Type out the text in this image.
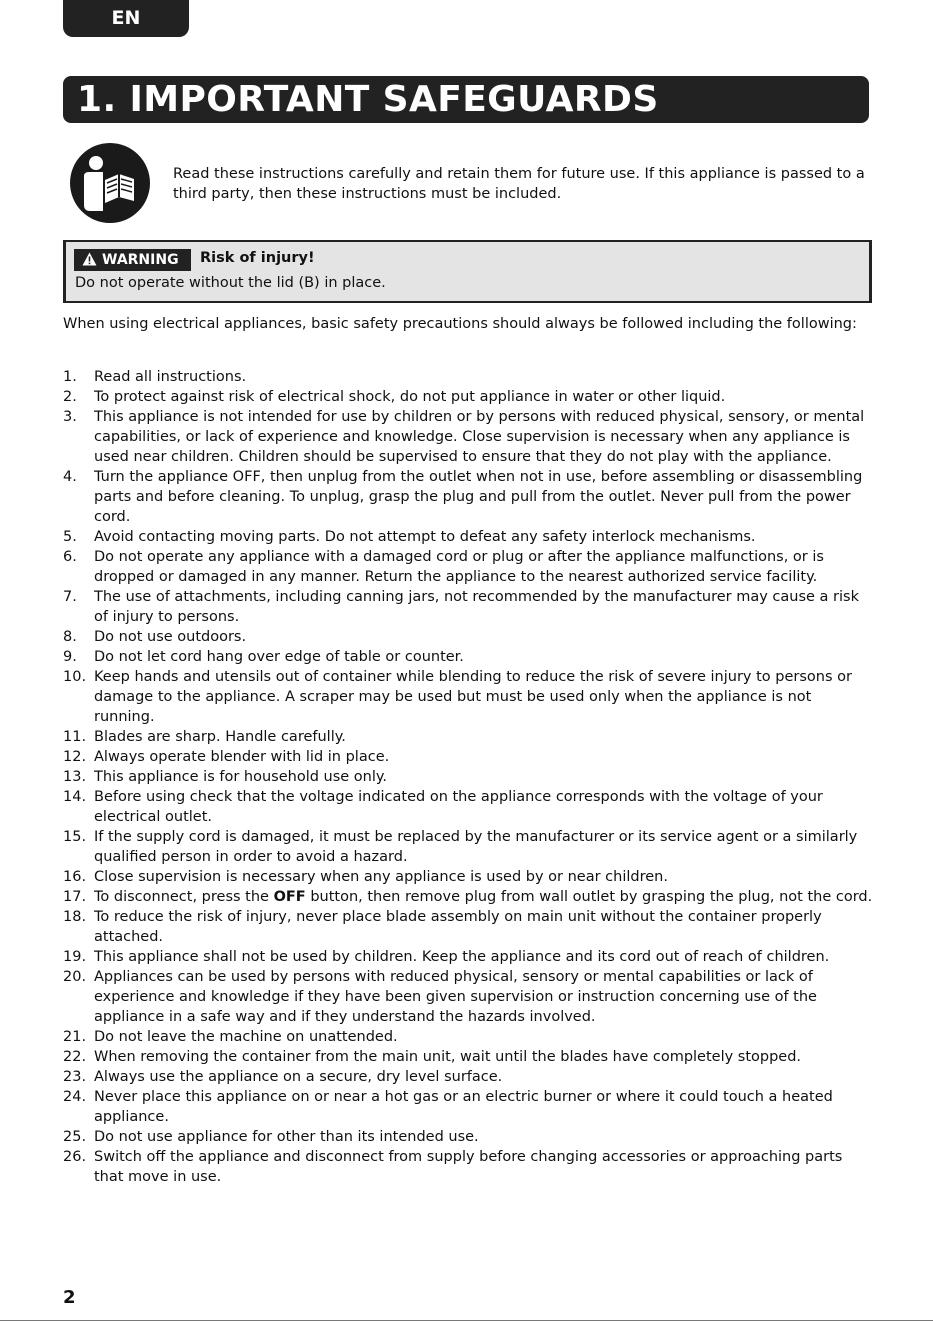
EN
1. IMPORTANT SAFEGUARDS
Read these instructions carefully and retain them for future use. If this appliance is passed to a third party, then these instructions must be included.
WARNING	Risk of injury!
Do not operate without the lid (B) in place.
When using electrical appliances, basic safety precautions should always be followed including the following:
1. Read all instructions.
2. To protect against risk of electrical shock, do not put appliance in water or other liquid.
3. This appliance is not intended for use by children or by persons with reduced physical, sensory, or mental capabilities, or lack of experience and knowledge. Close supervision is necessary when any appliance is used near children. Children should be supervised to ensure that they do not play with the appliance.
4. Turn the appliance OFF, then unplug from the outlet when not in use, before assembling or disassembling parts and before cleaning. To unplug, grasp the plug and pull from the outlet. Never pull from the power cord.
5. Avoid contacting moving parts. Do not attempt to defeat any safety interlock mechanisms.
6. Do not operate any appliance with a damaged cord or plug or after the appliance malfunctions, or is dropped or damaged in any manner. Return the appliance to the nearest authorized service facility.
7. The use of attachments, including canning jars, not recommended by the manufacturer may cause a risk of injury to persons.
8. Do not use outdoors.
9. Do not let cord hang over edge of table or counter.
10. Keep hands and utensils out of container while blending to reduce the risk of severe injury to persons or damage to the appliance. A scraper may be used but must be used only when the appliance is not running.
11. Blades are sharp. Handle carefully.
12. Always operate blender with lid in place.
13. This appliance is for household use only.
14. Before using check that the voltage indicated on the appliance corresponds with the voltage of your electrical outlet.
15. If the supply cord is damaged, it must be replaced by the manufacturer or its service agent or a similarly qualified person in order to avoid a hazard.
16. Close supervision is necessary when any appliance is used by or near children.
17. To disconnect, press the OFF button, then remove plug from wall outlet by grasping the plug, not the cord.
18. To reduce the risk of injury, never place blade assembly on main unit without the container properly attached.
19. This appliance shall not be used by children. Keep the appliance and its cord out of reach of children.
20. Appliances can be used by persons with reduced physical, sensory or mental capabilities or lack of experience and knowledge if they have been given supervision or instruction concerning use of the appliance in a safe way and if they understand the hazards involved.
21. Do not leave the machine on unattended.
22. When removing the container from the main unit, wait until the blades have completely stopped.
23. Always use the appliance on a secure, dry level surface.
24. Never place this appliance on or near a hot gas or an electric burner or where it could touch a heated appliance.
25. Do not use appliance for other than its intended use.
26. Switch off the appliance and disconnect from supply before changing accessories or approaching parts that move in use.
2
